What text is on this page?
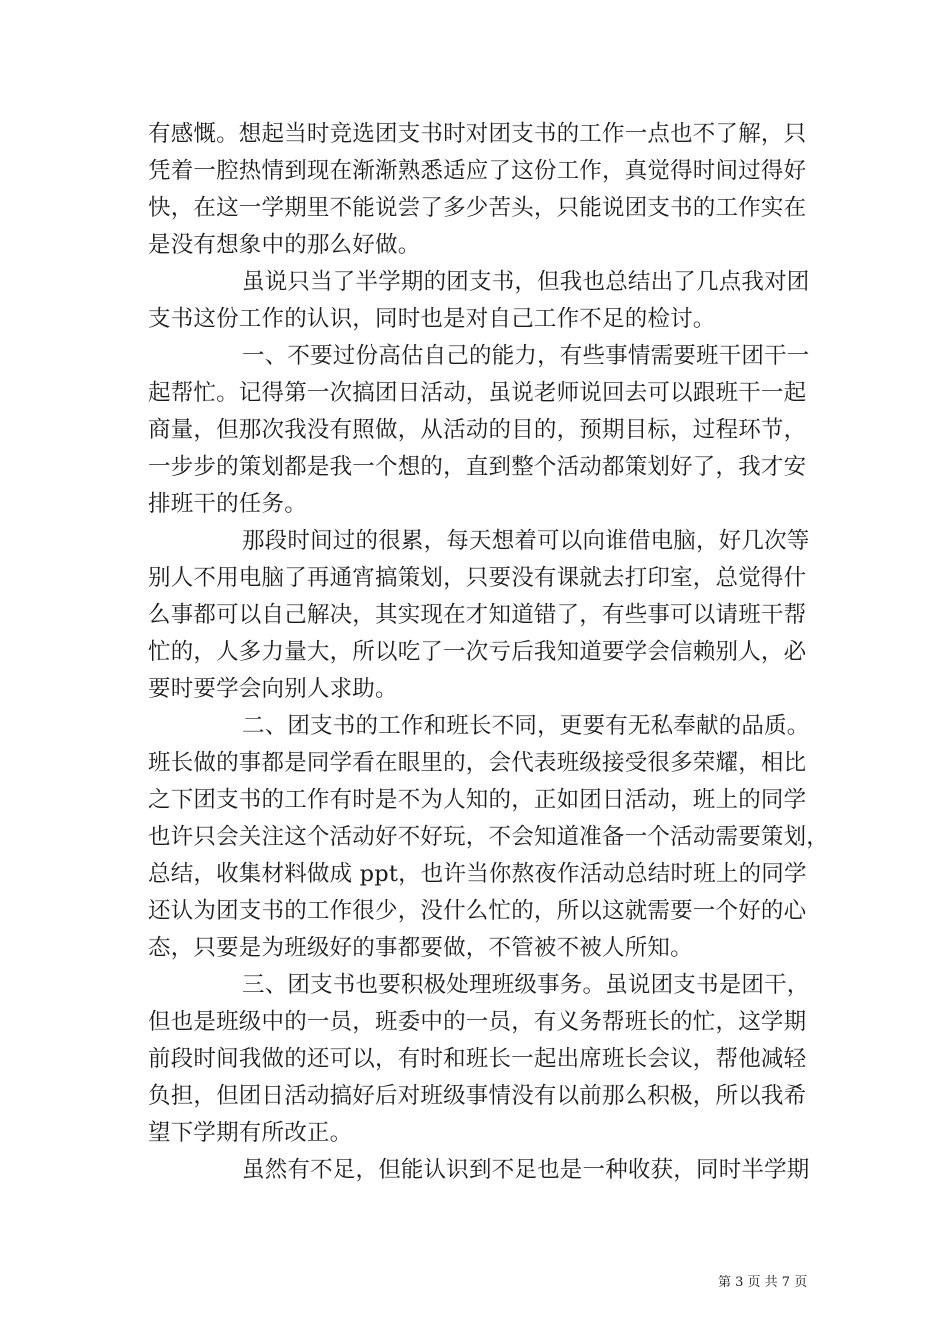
有感慨。想起当时竞选团支书时对团支书的工作一点也不了解，只
凭着一腔热情到现在渐渐熟悉适应了这份工作，真觉得时间过得好
快，在这一学期里不能说尝了多少苦头，只能说团支书的工作实在
是没有想象中的那么好做。
虽说只当了半学期的团支书，但我也总结出了几点我对团
支书这份工作的认识，同时也是对自己工作不足的检讨。
一、不要过份高估自己的能力，有些事情需要班干团干一
起帮忙。记得第一次搞团日活动，虽说老师说回去可以跟班干一起
商量，但那次我没有照做，从活动的目的，预期目标，过程环节，
一步步的策划都是我一个想的，直到整个活动都策划好了，我才安
排班干的任务。
那段时间过的很累，每天想着可以向谁借电脑，好几次等
别人不用电脑了再通宵搞策划，只要没有课就去打印室，总觉得什
么事都可以自己解决，其实现在才知道错了，有些事可以请班干帮
忙的，人多力量大，所以吃了一次亏后我知道要学会信赖别人，必
要时要学会向别人求助。
二、团支书的工作和班长不同，更要有无私奉献的品质。
班长做的事都是同学看在眼里的，会代表班级接受很多荣耀，相比
之下团支书的工作有时是不为人知的，正如团日活动，班上的同学
也许只会关注这个活动好不好玩，不会知道准备一个活动需要策划，
总结，收集材料做成 ppt，也许当你熬夜作活动总结时班上的同学
还认为团支书的工作很少，没什么忙的，所以这就需要一个好的心
态，只要是为班级好的事都要做，不管被不被人所知。
三、团支书也要积极处理班级事务。虽说团支书是团干，
但也是班级中的一员，班委中的一员，有义务帮班长的忙，这学期
前段时间我做的还可以，有时和班长一起出席班长会议，帮他减轻
负担，但团日活动搞好后对班级事情没有以前那么积极，所以我希
望下学期有所改正。
虽然有不足，但能认识到不足也是一种收获，同时半学期
第 3 页 共 7 页
